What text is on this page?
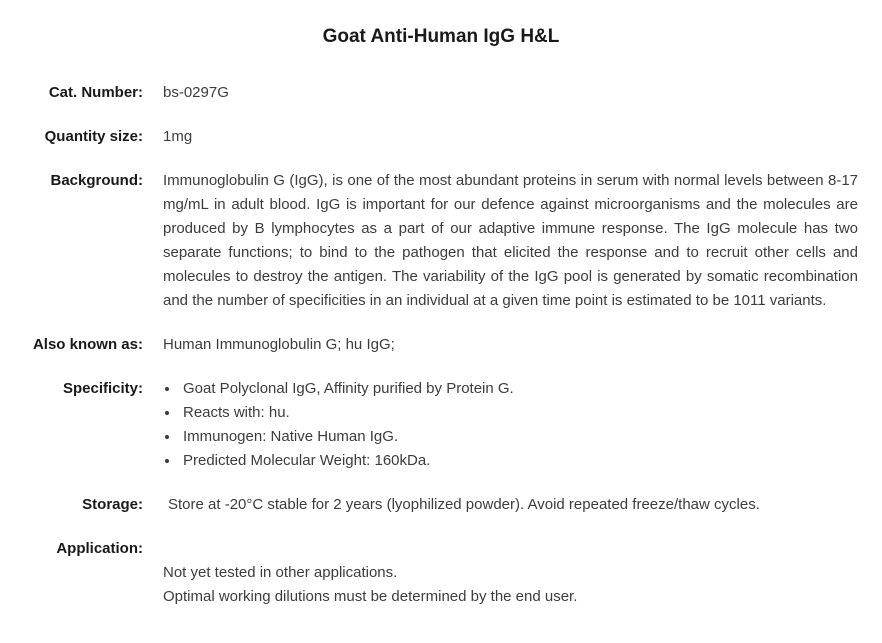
Goat Anti-Human IgG H&L
Cat. Number: bs-0297G
Quantity size: 1mg
Background: Immunoglobulin G (IgG), is one of the most abundant proteins in serum with normal levels between 8-17 mg/mL in adult blood. IgG is important for our defence against microorganisms and the molecules are produced by B lymphocytes as a part of our adaptive immune response. The IgG molecule has two separate functions; to bind to the pathogen that elicited the response and to recruit other cells and molecules to destroy the antigen. The variability of the IgG pool is generated by somatic recombination and the number of specificities in an individual at a given time point is estimated to be 1011 variants.
Also known as: Human Immunoglobulin G; hu IgG;
Specificity:	• Goat Polyclonal IgG, Affinity purified by Protein G.
• Reacts with: hu.
• Immunogen: Native Human IgG.
• Predicted Molecular Weight: 160kDa.
Storage:	Store at -20°C stable for 2 years (lyophilized powder). Avoid repeated freeze/thaw cycles.
Application:
Not yet tested in other applications.
Optimal working dilutions must be determined by the end user.
